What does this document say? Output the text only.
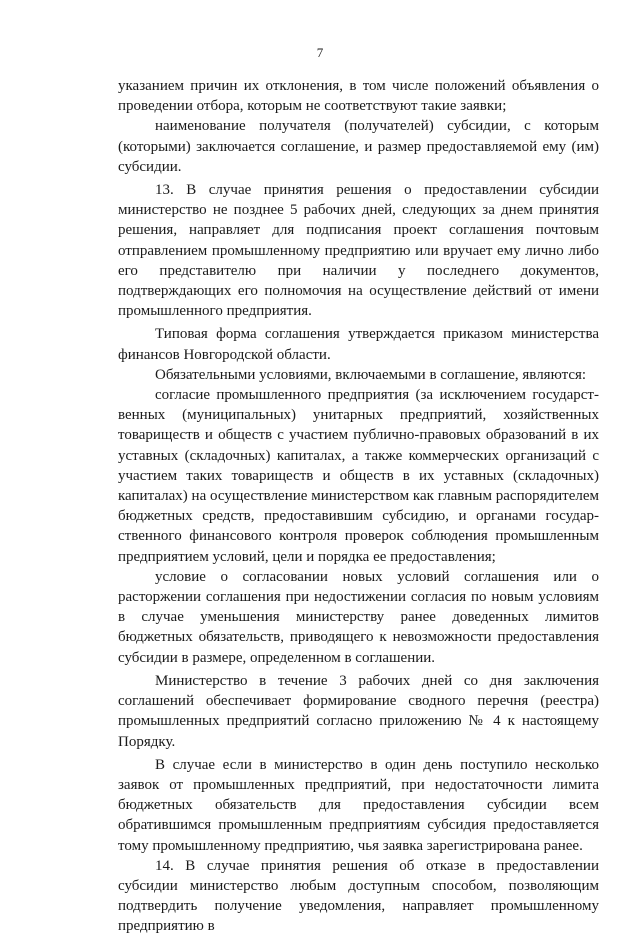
7

указанием причин их отклонения, в том числе положений объявления о проведении отбора, которым не соответствуют такие заявки;

наименование получателя (получателей) субсидии, с которым (которыми) заключается соглашение, и размер предоставляемой ему (им) субсидии.

13. В случае принятия решения о предоставлении субсидии министерство не позднее 5 рабочих дней, следующих за днем принятия решения, направляет для подписания проект соглашения почтовым отправлением промышленному предприятию или вручает ему лично либо его представителю при наличии у последнего документов, подтверждающих его полномочия на осуществление действий от имени промышленного предприятия.

Типовая форма соглашения утверждается приказом министерства финансов Новгородской области.

Обязательными условиями, включаемыми в соглашение, являются:

согласие промышленного предприятия (за исключением государственных (муниципальных) унитарных предприятий, хозяйственных товариществ и обществ с участием публично-правовых образований в их уставных (складочных) капиталах, а также коммерческих организаций с участием таких товариществ и обществ в их уставных (складочных) капиталах) на осуществление министерством как главным распорядителем бюджетных средств, предоставившим субсидию, и органами государственного финансового контроля проверок соблюдения промышленным предприятием условий, цели и порядка ее предоставления;

условие о согласовании новых условий соглашения или о расторжении соглашения при недостижении согласия по новым условиям в случае уменьшения министерству ранее доведенных лимитов бюджетных обязательств, приводящего к невозможности предоставления субсидии в размере, определенном в соглашении.

Министерство в течение 3 рабочих дней со дня заключения соглашений обеспечивает формирование сводного перечня (реестра) промышленных предприятий согласно приложению № 4 к настоящему Порядку.

В случае если в министерство в один день поступило несколько заявок от промышленных предприятий, при недостаточности лимита бюджетных обязательств для предоставления субсидии всем обратившимся промышленным предприятиям субсидия предоставляется тому промышленному предприятию, чья заявка зарегистрирована ранее.

14. В случае принятия решения об отказе в предоставлении субсидии министерство любым доступным способом, позволяющим подтвердить получение уведомления, направляет промышленному предприятию в
